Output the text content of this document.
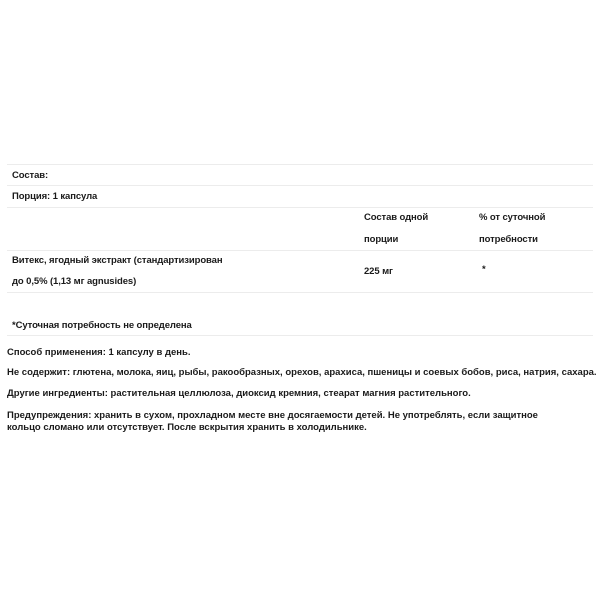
Состав:
Порция: 1 капсула
Состав одной
порции
% от суточной
потребности
Витекс, ягодный экстракт (стандартизирован
до 0,5% (1,13 мг agnusides)
225 мг	*
*Суточная потребность не определена
Способ применения: 1 капсулу в день.
Не содержит: глютена, молока, яиц, рыбы, ракообразных, орехов, арахиса, пшеницы и соевых бобов, риса, натрия, сахара.
Другие ингредиенты: растительная целлюлоза, диоксид кремния, стеарат магния растительного.
Предупреждения: хранить в сухом, прохладном месте вне досягаемости детей. Не употреблять, если защитное кольцо сломано или отсутствует. После вскрытия хранить в холодильнике.
